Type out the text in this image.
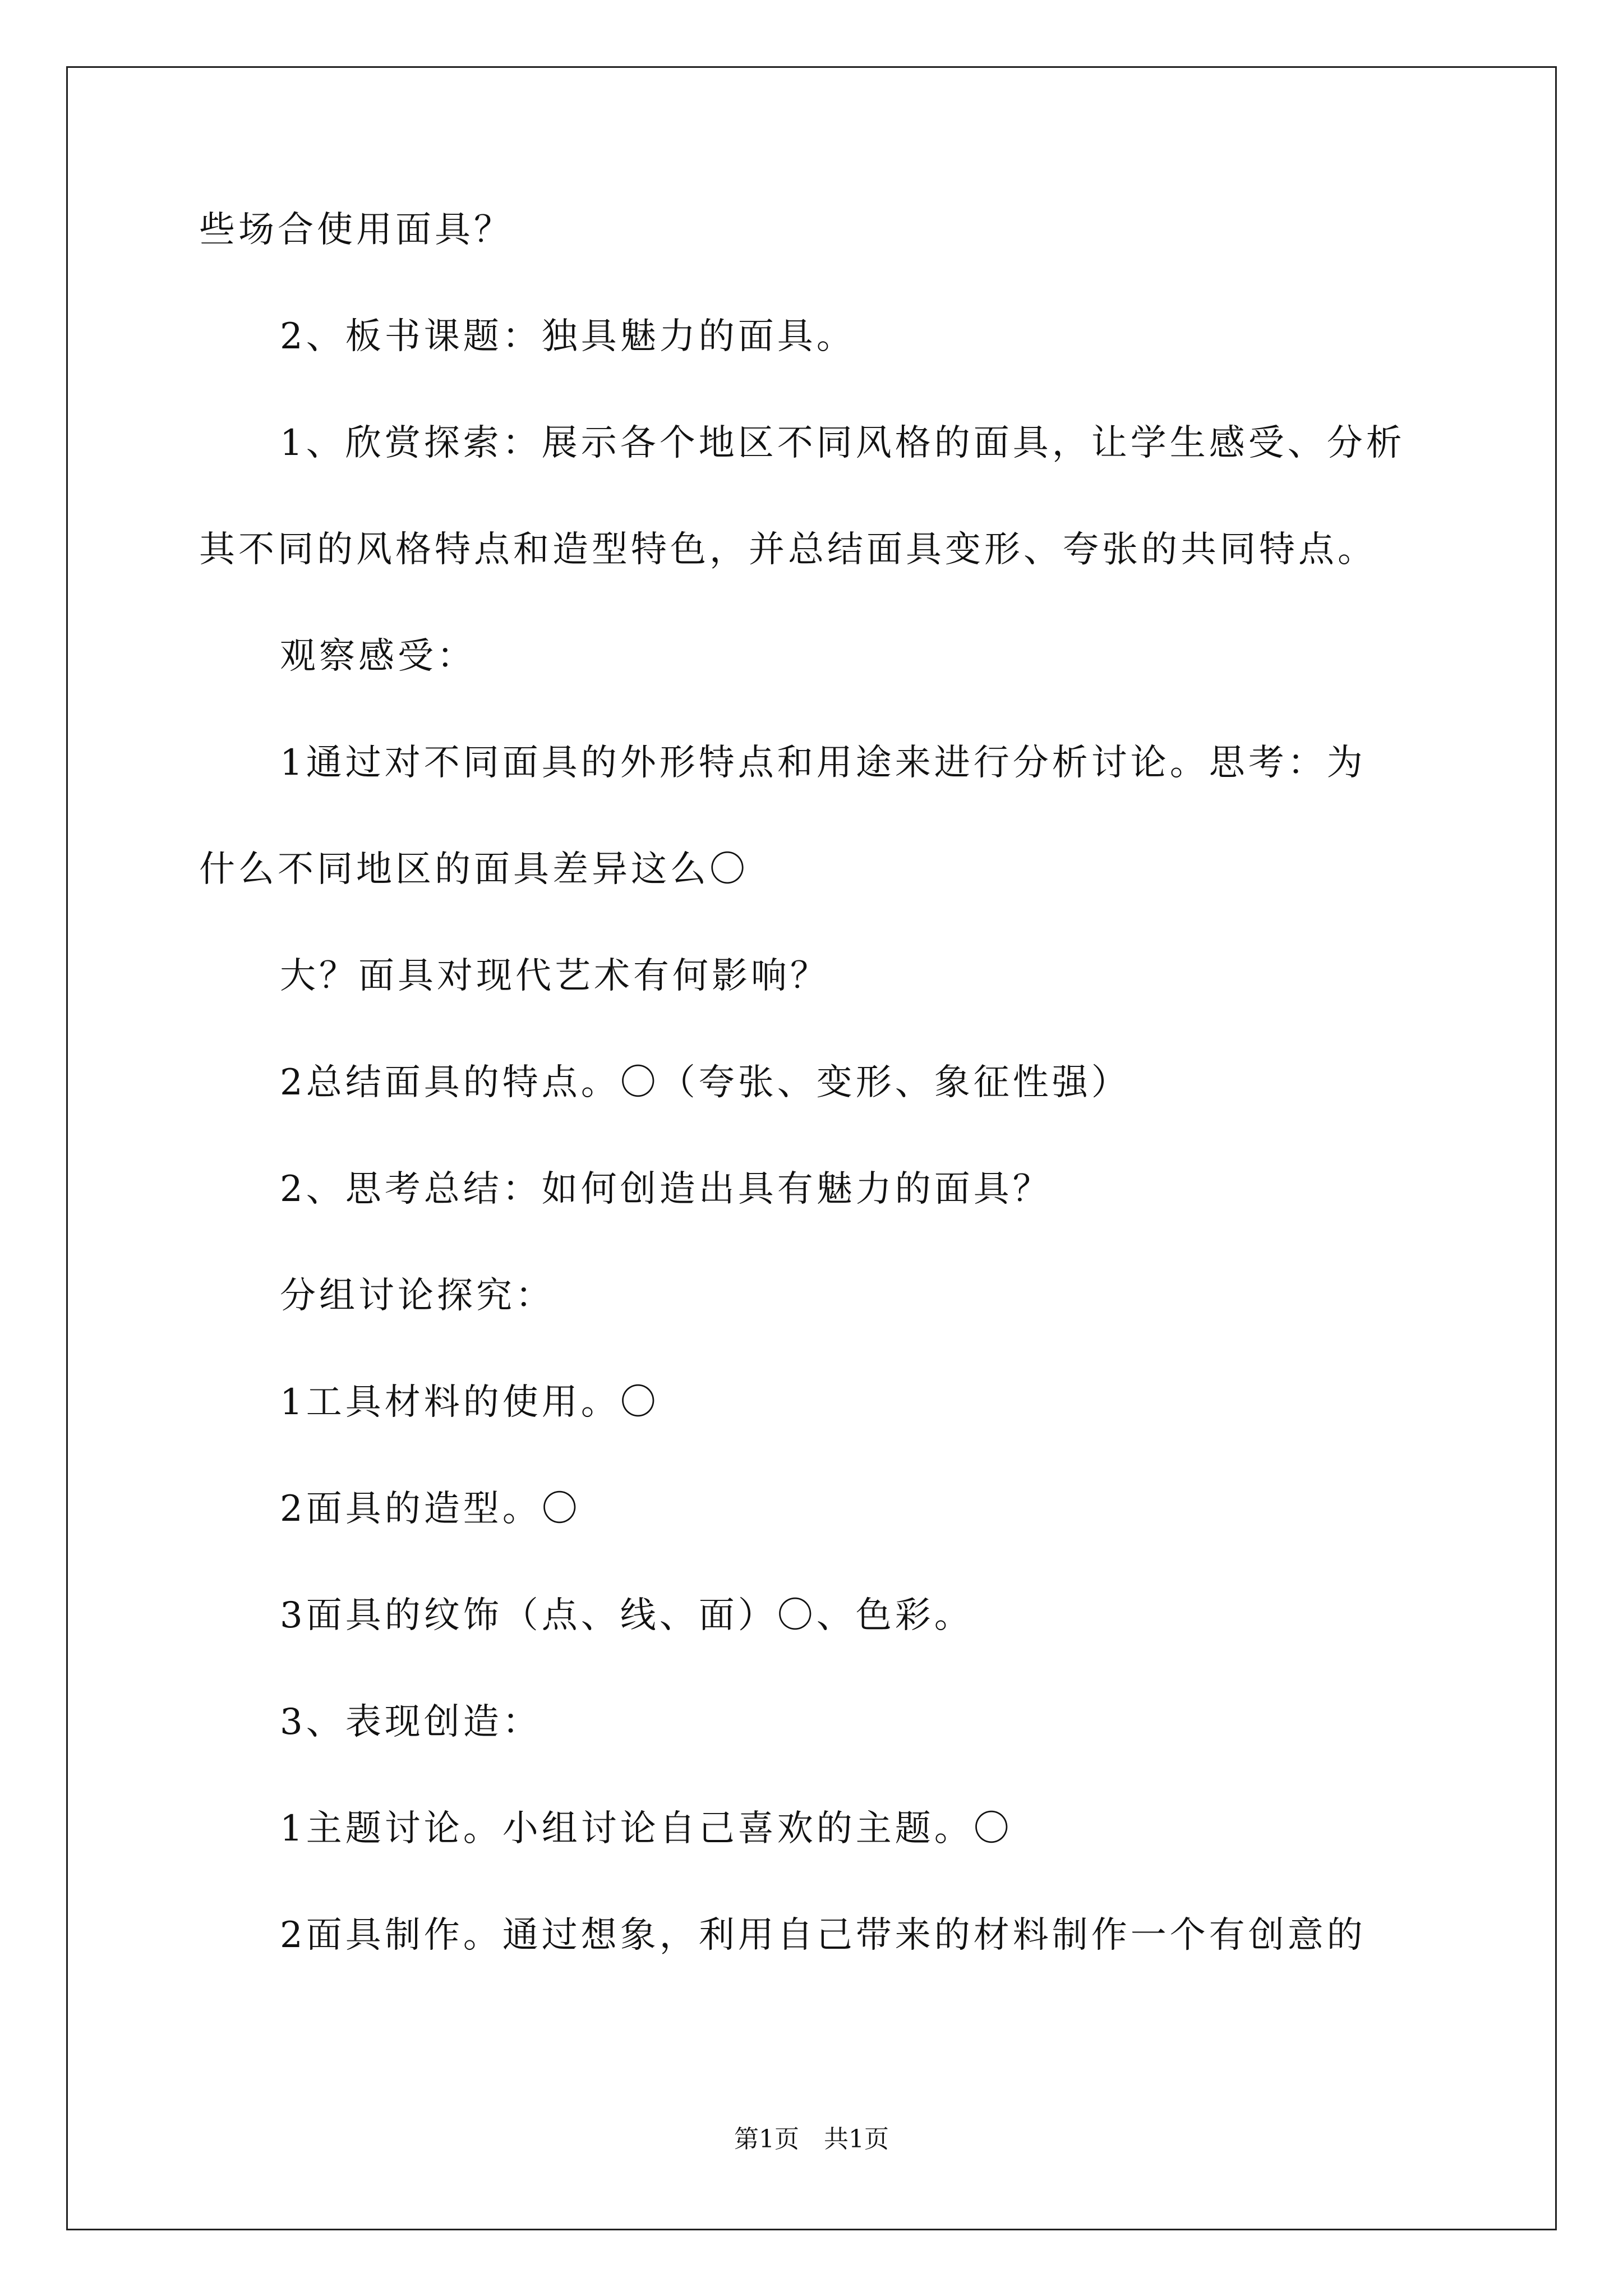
些场合使用面具？
2、板书课题：独具魅力的面具。
1、欣赏探索：展示各个地区不同风格的面具，让学生感受、分析
其不同的风格特点和造型特色，并总结面具变形、夸张的共同特点。
观察感受：
1通过对不同面具的外形特点和用途来进行分析讨论。思考：为
什么不同地区的面具差异这么〇
大？面具对现代艺术有何影响？
2总结面具的特点。〇（夸张、变形、象征性强）
2、思考总结：如何创造出具有魅力的面具？
分组讨论探究：
1工具材料的使用。〇
2面具的造型。〇
3面具的纹饰（点、线、面）〇、色彩。
3、表现创造：
1主题讨论。小组讨论自己喜欢的主题。〇
2面具制作。通过想象，利用自己带来的材料制作一个有创意的
第1页　共1页
